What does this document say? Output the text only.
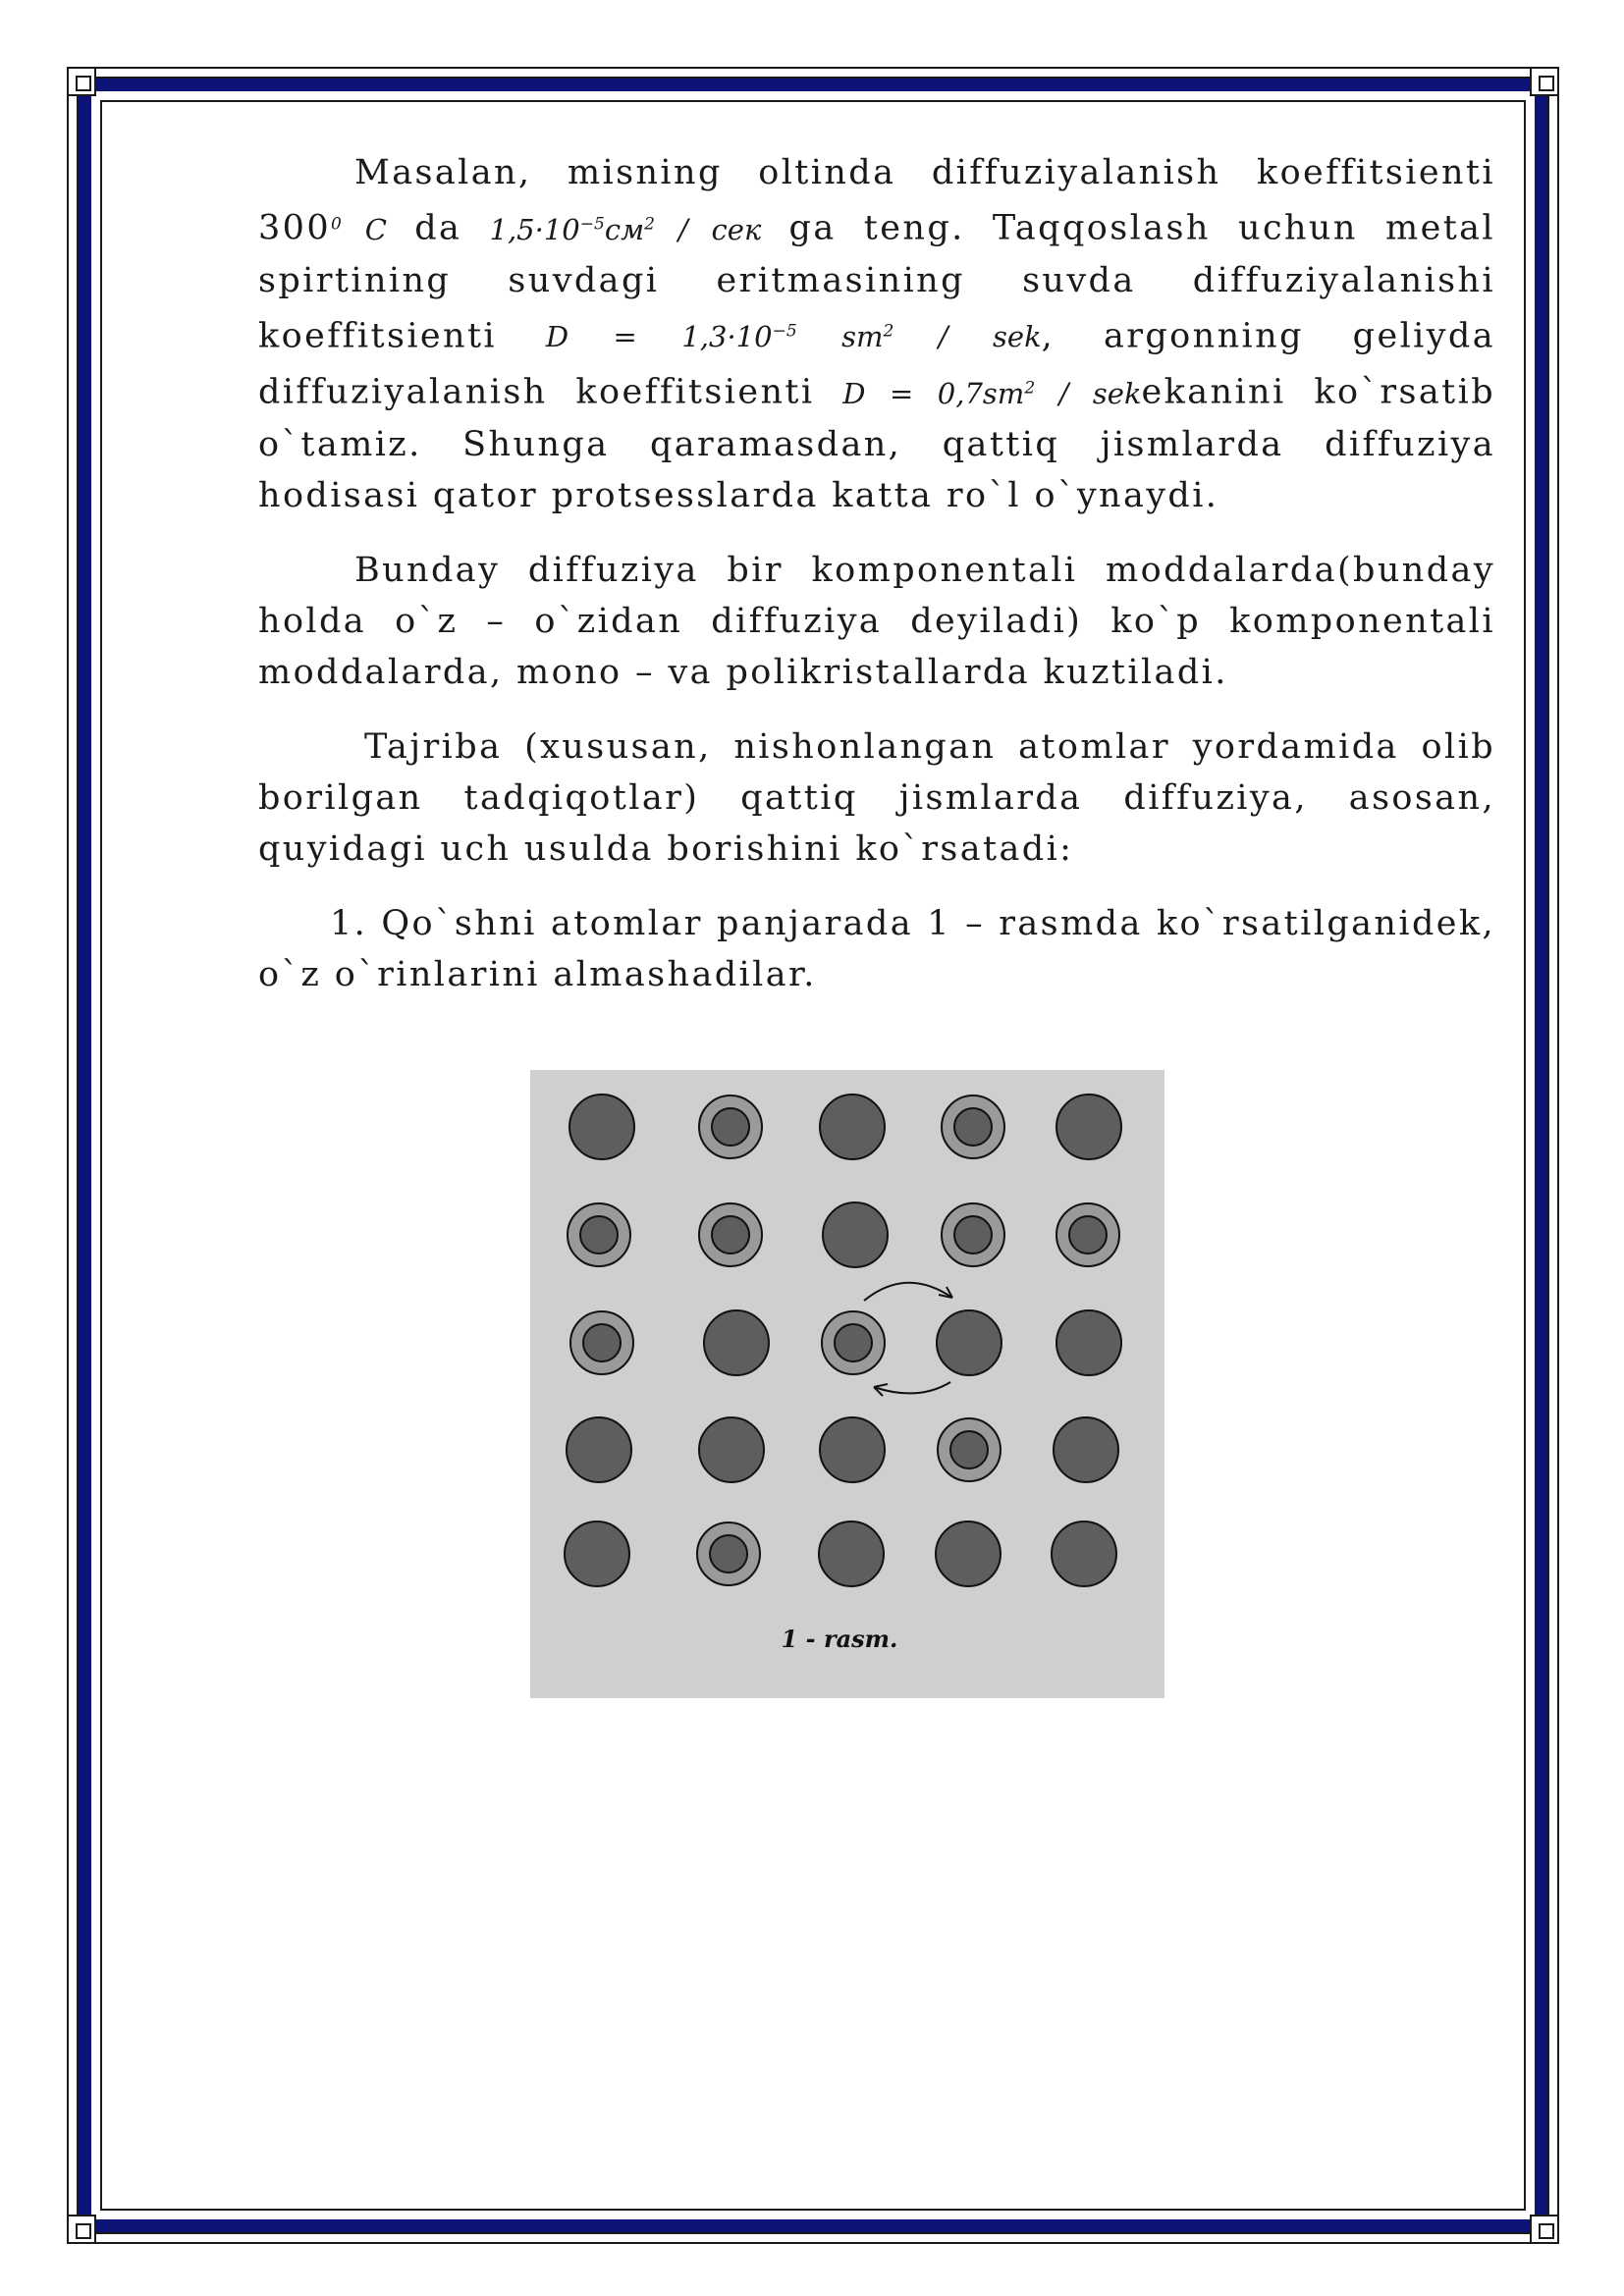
Masalan, misning oltinda diffuziyalanish koeffitsienti $300^0$ C da $1,5\cdot 10^{-5}см^2$ / сек ga teng. Taqqoslash uchun metal spirtining suvdagi eritmasining suvda diffuziyalanishi koeffitsienti $D = 1,3\cdot 10^{-5}$ $sm^2$ / sek, argonning geliyda diffuziyalanish koeffitsienti $D = 0,7sm^2$ / sekekanini ko`rsatib o`tamiz. Shunga qaramasdan, qattiq jismlarda diffuziya hodisasi qator protsesslarda katta ro`l o`ynaydi.

Bunday diffuziya bir komponentali moddalarda(bunday holda o`z – o`zidan diffuziya deyiladi) ko`p komponentali moddalarda, mono – va polikristallarda kuztiladi.

Tajriba (xususan, nishonlangan atomlar yordamida olib borilgan tadqiqotlar) qattiq jismlarda diffuziya, asosan, quyidagi uch usulda borishini ko`rsatadi:

1. Qo`shni atomlar panjarada 1 – rasmda ko`rsatilganidek, o`z o`rinlarini almashadilar.

1 - rasm.
